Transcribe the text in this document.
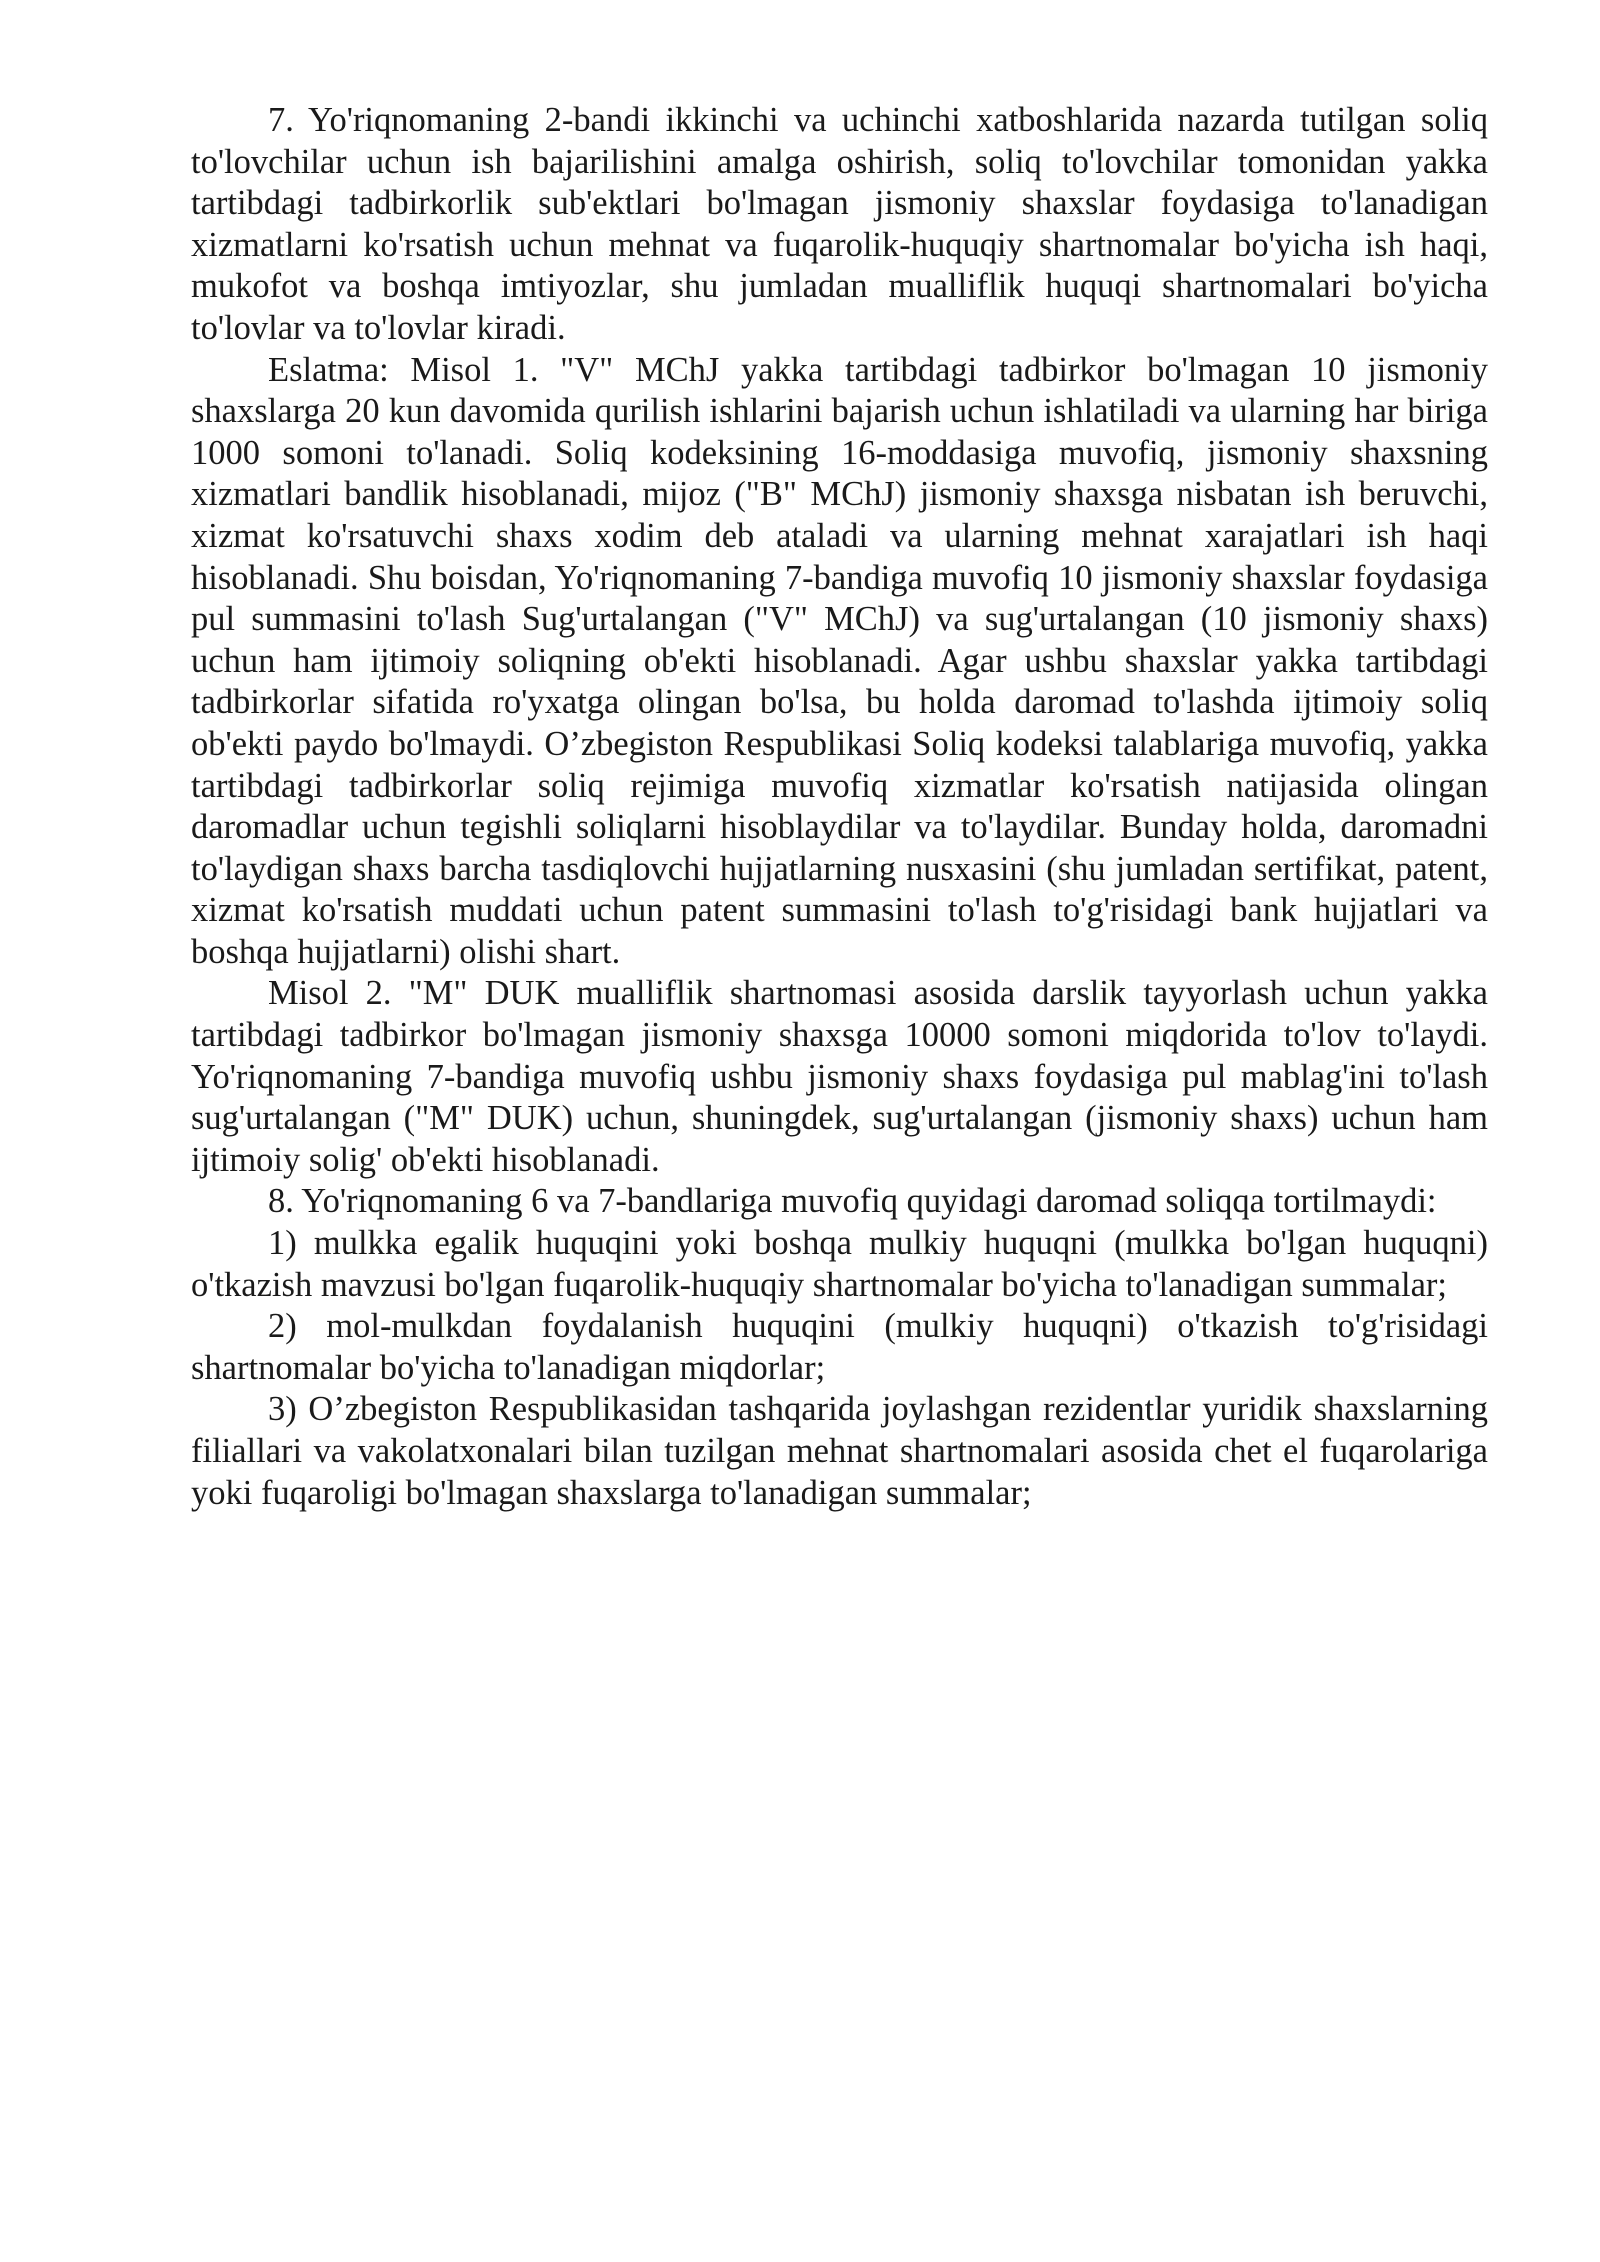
7. Yo'riqnomaning 2-bandi ikkinchi va uchinchi xatboshlarida nazarda tutilgan soliq to'lovchilar uchun ish bajarilishini amalga oshirish, soliq to'lovchilar tomonidan yakka tartibdagi tadbirkorlik sub'ektlari bo'lmagan jismoniy shaxslar foydasiga to'lanadigan xizmatlarni ko'rsatish uchun mehnat va fuqarolik-huquqiy shartnomalar bo'yicha ish haqi, mukofot va boshqa imtiyozlar, shu jumladan mualliflik huquqi shartnomalari bo'yicha to'lovlar va to'lovlar kiradi.

Eslatma: Misol 1. "V" MChJ yakka tartibdagi tadbirkor bo'lmagan 10 jismoniy shaxslarga 20 kun davomida qurilish ishlarini bajarish uchun ishlatiladi va ularning har biriga 1000 somoni to'lanadi. Soliq kodeksining 16-moddasiga muvofiq, jismoniy shaxsning xizmatlari bandlik hisoblanadi, mijoz ("B" MChJ) jismoniy shaxsga nisbatan ish beruvchi, xizmat ko'rsatuvchi shaxs xodim deb ataladi va ularning mehnat xarajatlari ish haqi hisoblanadi. Shu boisdan, Yo'riqnomaning 7-bandiga muvofiq 10 jismoniy shaxslar foydasiga pul summasini to'lash Sug'urtalangan ("V" MChJ) va sug'urtalangan (10 jismoniy shaxs) uchun ham ijtimoiy soliqning ob'ekti hisoblanadi. Agar ushbu shaxslar yakka tartibdagi tadbirkorlar sifatida ro'yxatga olingan bo'lsa, bu holda daromad to'lashda ijtimoiy soliq ob'ekti paydo bo'lmaydi. O’zbegiston Respublikasi Soliq kodeksi talablariga muvofiq, yakka tartibdagi tadbirkorlar soliq rejimiga muvofiq xizmatlar ko'rsatish natijasida olingan daromadlar uchun tegishli soliqlarni hisoblaydilar va to'laydilar. Bunday holda, daromadni to'laydigan shaxs barcha tasdiqlovchi hujjatlarning nusxasini (shu jumladan sertifikat, patent, xizmat ko'rsatish muddati uchun patent summasini to'lash to'g'risidagi bank hujjatlari va boshqa hujjatlarni) olishi shart.

Misol 2. "M" DUK mualliflik shartnomasi asosida darslik tayyorlash uchun yakka tartibdagi tadbirkor bo'lmagan jismoniy shaxsga 10000 somoni miqdorida to'lov to'laydi. Yo'riqnomaning 7-bandiga muvofiq ushbu jismoniy shaxs foydasiga pul mablag'ini to'lash sug'urtalangan ("M" DUK) uchun, shuningdek, sug'urtalangan (jismoniy shaxs) uchun ham ijtimoiy solig' ob'ekti hisoblanadi.

8. Yo'riqnomaning 6 va 7-bandlariga muvofiq quyidagi daromad soliqqa tortilmaydi:

1) mulkka egalik huquqini yoki boshqa mulkiy huquqni (mulkka bo'lgan huquqni) o'tkazish mavzusi bo'lgan fuqarolik-huquqiy shartnomalar bo'yicha to'lanadigan summalar;

2) mol-mulkdan foydalanish huquqini (mulkiy huquqni) o'tkazish to'g'risidagi shartnomalar bo'yicha to'lanadigan miqdorlar;

3) O’zbegiston Respublikasidan tashqarida joylashgan rezidentlar yuridik shaxslarning filiallari va vakolatxonalari bilan tuzilgan mehnat shartnomalari asosida chet el fuqarolariga yoki fuqaroligi bo'lmagan shaxslarga to'lanadigan summalar;
